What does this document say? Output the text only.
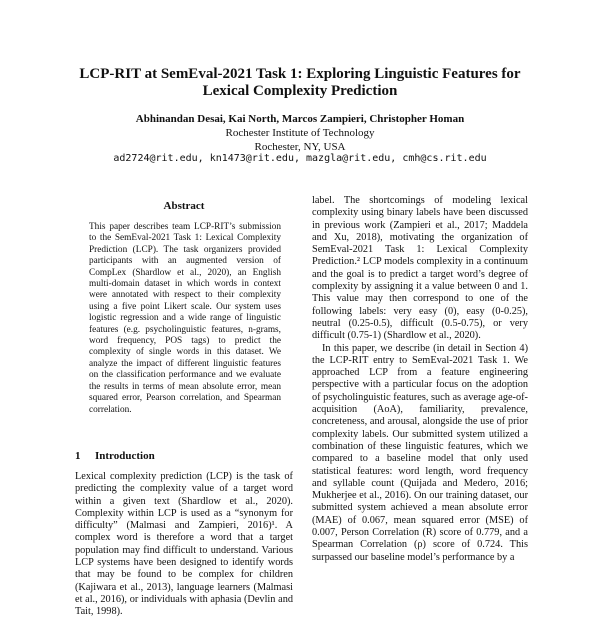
LCP-RIT at SemEval-2021 Task 1: Exploring Linguistic Features for
Lexical Complexity Prediction
Abhinandan Desai, Kai North, Marcos Zampieri, Christopher Homan
Rochester Institute of Technology
Rochester, NY, USA
ad2724@rit.edu, kn1473@rit.edu, mazgla@rit.edu, cmh@cs.rit.edu
Abstract
This paper describes team LCP-RIT’s submission to the SemEval-2021 Task 1: Lexical Complexity Prediction (LCP). The task organizers provided participants with an augmented version of CompLex (Shardlow et al., 2020), an English multi-domain dataset in which words in context were annotated with respect to their complexity using a five point Likert scale. Our system uses logistic regression and a wide range of linguistic features (e.g. psycholinguistic features, n-grams, word frequency, POS tags) to predict the complexity of single words in this dataset. We analyze the impact of different linguistic features on the classification performance and we evaluate the results in terms of mean absolute error, mean squared error, Pearson correlation, and Spearman correlation.
1 Introduction
Lexical complexity prediction (LCP) is the task of predicting the complexity value of a target word within a given text (Shardlow et al., 2020). Complexity within LCP is used as a “synonym for difficulty” (Malmasi and Zampieri, 2016)¹. A complex word is therefore a word that a target population may find difficult to understand. Various LCP systems have been designed to identify words that may be found to be complex for children (Kajiwara et al., 2013), language learners (Malmasi et al., 2016), or individuals with aphasia (Devlin and Tait, 1998).

label. The shortcomings of modeling lexical complexity using binary labels have been discussed in previous work (Zampieri et al., 2017; Maddela and Xu, 2018), motivating the organization of SemEval-2021 Task 1: Lexical Complexity Prediction.² LCP models complexity in a continuum and the goal is to predict a target word’s degree of complexity by assigning it a value between 0 and 1. This value may then correspond to one of the following labels: very easy (0), easy (0-0.25), neutral (0.25-0.5), difficult (0.5-0.75), or very difficult (0.75-1) (Shardlow et al., 2020).

In this paper, we describe (in detail in Section 4) the LCP-RIT entry to SemEval-2021 Task 1. We approached LCP from a feature engineering perspective with a particular focus on the adoption of psycholinguistic features, such as average age-of-acquisition (AoA), familiarity, prevalence, concreteness, and arousal, alongside the use of prior complexity labels. Our submitted system utilized a combination of these linguistic features, which we compared to a baseline model that only used statistical features: word length, word frequency and syllable count (Quijada and Medero, 2016; Mukherjee et al., 2016). On our training dataset, our submitted system achieved a mean absolute error (MAE) of 0.067, mean squared error (MSE) of 0.007, Person Correlation (R) score of 0.779, and a Spearman Correlation (ρ) score of 0.724. This surpassed our baseline model’s performance by a
